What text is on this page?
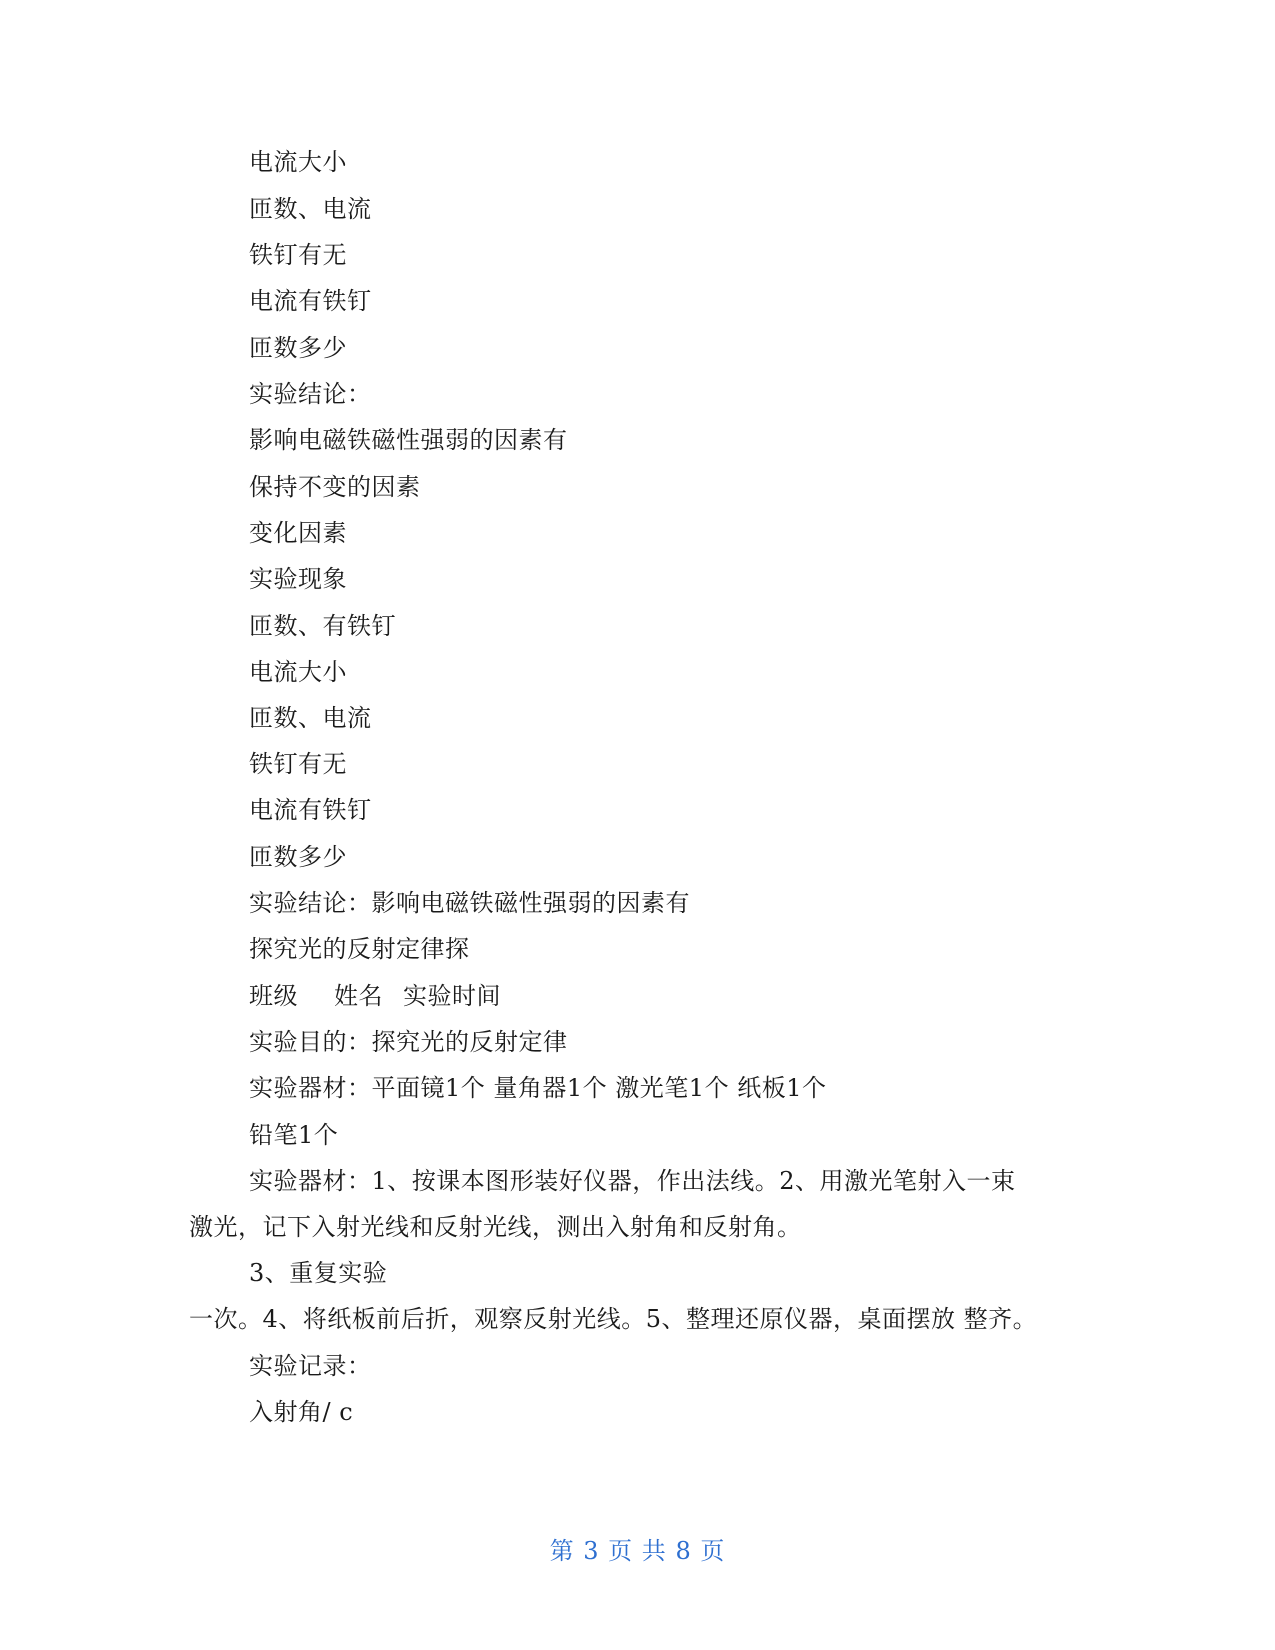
电流大小
匝数、电流
铁钉有无
电流有铁钉
匝数多少
实验结论：
影响电磁铁磁性强弱的因素有
保持不变的因素
变化因素
实验现象
匝数、有铁钉
电流大小
匝数、电流
铁钉有无
电流有铁钉
匝数多少
实验结论：影响电磁铁磁性强弱的因素有
探究光的反射定律探
班级 姓名 实验时间
实验目的：探究光的反射定律
实验器材：平面镜1个 量角器1个 激光笔1个 纸板1个
铅笔1个
实验器材：1、按课本图形装好仪器，作出法线。2、用激光笔射入一束
激光，记下入射光线和反射光线，测出入射角和反射角。
3、重复实验
一次。4、将纸板前后折，观察反射光线。5、整理还原仪器，桌面摆放 整齐。
实验记录：
入射角/ c
第 3 页 共 8 页
